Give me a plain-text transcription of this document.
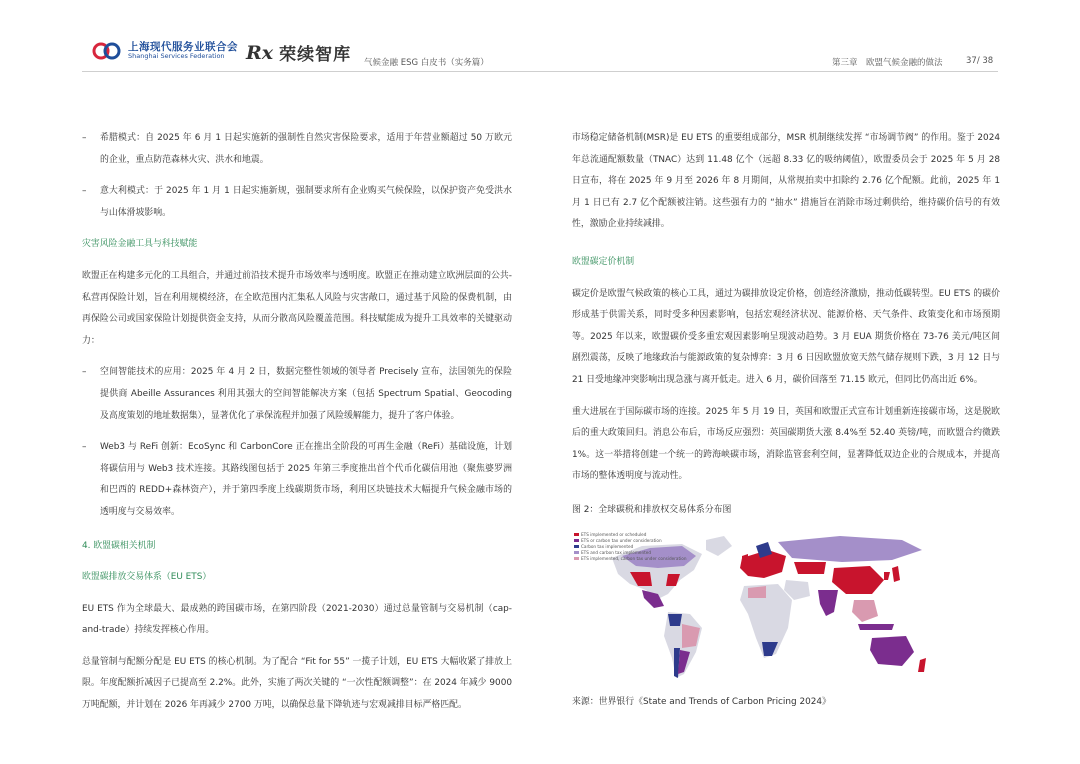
上海现代服务业联合会
Shanghai Services Federation	Rx 荣续智库 气候金融 ESG 白皮书（实务篇）	第三章　欧盟气候金融的做法	37/ 38
– 希腊模式：自 2025 年 6 月 1 日起实施新的强制性自然灾害保险要求，适用于年营业额超过 50 万欧元的企业，重点防范森林火灾、洪水和地震。

– 意大利模式：于 2025 年 1 月 1 日起实施新规，强制要求所有企业购买气候保险，以保护资产免受洪水与山体滑坡影响。

灾害风险金融工具与科技赋能

欧盟正在构建多元化的工具组合，并通过前沿技术提升市场效率与透明度。欧盟正在推动建立欧洲层面的公共-私营再保险计划，旨在利用规模经济，在全欧范围内汇集私人风险与灾害敞口，通过基于风险的保费机制，由再保险公司或国家保险计划提供资金支持，从而分散高风险覆盖范围。科技赋能成为提升工具效率的关键驱动力：

– 空间智能技术的应用：2025 年 4 月 2 日，数据完整性领域的领导者 Precisely 宣布，法国领先的保险提供商 Abeille Assurances 利用其强大的空间智能解决方案（包括 Spectrum Spatial、Geocoding 及高度策划的地址数据集），显著优化了承保流程并加强了风险缓解能力，提升了客户体验。

– Web3 与 ReFi 创新：EcoSync 和 CarbonCore 正在推出全阶段的可再生金融（ReFi）基础设施，计划将碳信用与 Web3 技术连接。其路线图包括于 2025 年第三季度推出首个代币化碳信用池（聚焦婆罗洲和巴西的 REDD+森林资产），并于第四季度上线碳期货市场，利用区块链技术大幅提升气候金融市场的透明度与交易效率。

4. 欧盟碳相关机制

欧盟碳排放交易体系（EU ETS）

EU ETS 作为全球最大、最成熟的跨国碳市场，在第四阶段（2021-2030）通过总量管制与交易机制（cap-and-trade）持续发挥核心作用。

总量管制与配额分配是 EU ETS 的核心机制。为了配合 “Fit for 55” 一揽子计划，EU ETS 大幅收紧了排放上限。年度配额折减因子已提高至 2.2%。此外，实施了两次关键的 “一次性配额调整”：在 2024 年减少 9000 万吨配额，并计划在 2026 年再减少 2700 万吨，以确保总量下降轨迹与宏观减排目标严格匹配。

市场稳定储备机制(MSR)是 EU ETS 的重要组成部分，MSR 机制继续发挥 “市场调节阀” 的作用。鉴于 2024 年总流通配额数量（TNAC）达到 11.48 亿个（远超 8.33 亿的吸纳阈值），欧盟委员会于 2025 年 5 月 28 日宣布，将在 2025 年 9 月至 2026 年 8 月期间，从常规拍卖中扣除约 2.76 亿个配额。此前，2025 年 1 月 1 日已有 2.7 亿个配额被注销。这些强有力的 “抽水” 措施旨在消除市场过剩供给，维持碳价信号的有效性，激励企业持续减排。

欧盟碳定价机制

碳定价是欧盟气候政策的核心工具，通过为碳排放设定价格，创造经济激励，推动低碳转型。EU ETS 的碳价形成基于供需关系，同时受多种因素影响，包括宏观经济状况、能源价格、天气条件、政策变化和市场预期等。2025 年以来，欧盟碳价受多重宏观因素影响呈现波动趋势。3 月 EUA 期货价格在 73-76 美元/吨区间剧烈震荡，反映了地缘政治与能源政策的复杂博弈：3 月 6 日因欧盟放宽天然气储存规则下跌，3 月 12 日与 21 日受地缘冲突影响出现急涨与离开低走。进入 6 月，碳价回落至 71.15 欧元，但同比仍高出近 6%。

重大进展在于国际碳市场的连接。2025 年 5 月 19 日，英国和欧盟正式宣布计划重新连接碳市场，这是脱欧后的重大政策回归。消息公布后，市场反应强烈：英国碳期货大涨 8.4%至 52.40 英镑/吨，而欧盟合约微跌 1%。这一举措将创建一个统一的跨海峡碳市场，消除监管套利空间，显著降低双边企业的合规成本，并提高市场的整体透明度与流动性。

图 2：全球碳税和排放权交易体系分布图

ETS implemented or scheduled
ETS or carbon tax under consideration
Carbon tax implemented
ETS and carbon tax implemented
ETS implemented, carbon tax under consideration

来源：世界银行《State and Trends of Carbon Pricing 2024》
